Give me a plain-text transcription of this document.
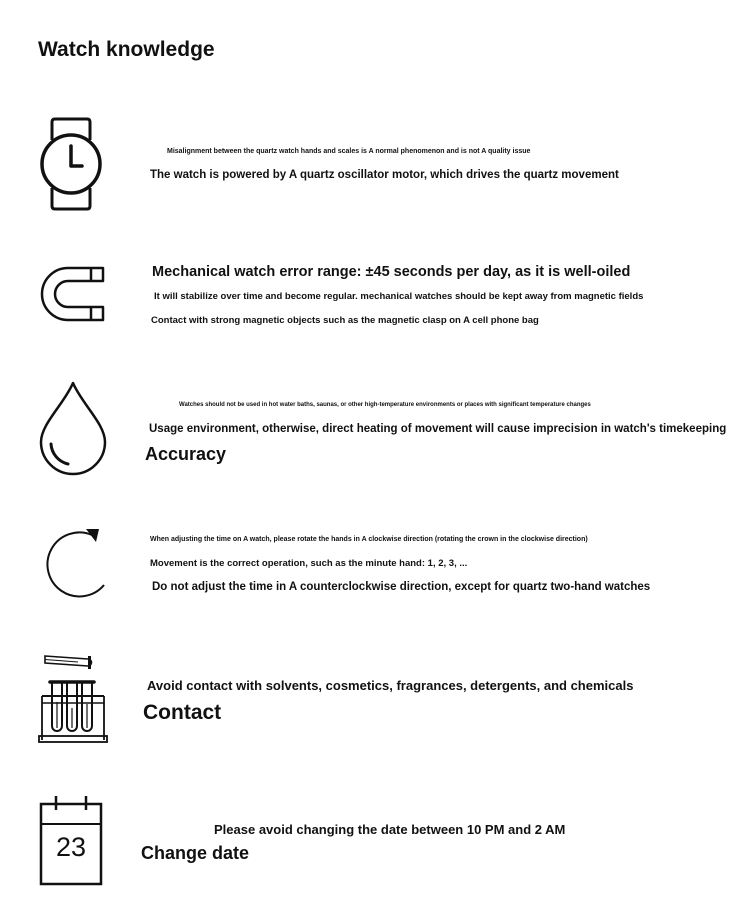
Watch knowledge
Misalignment between the quartz watch hands and scales is A normal phenomenon and is not A quality issue
The watch is powered by A quartz oscillator motor, which drives the quartz movement
Mechanical watch error range: ±45 seconds per day, as it is well-oiled
It will stabilize over time and become regular. mechanical watches should be kept away from magnetic fields
Contact with strong magnetic objects such as the magnetic clasp on A cell phone bag
Watches should not be used in hot water baths, saunas, or other high-temperature environments or places with significant temperature changes
Usage environment, otherwise, direct heating of movement will cause imprecision in watch's timekeeping
Accuracy
When adjusting the time on A watch, please rotate the hands in A clockwise direction (rotating the crown in the clockwise direction)
Movement is the correct operation, such as the minute hand: 1, 2, 3, ...
Do not adjust the time in A counterclockwise direction, except for quartz two-hand watches
Avoid contact with solvents, cosmetics, fragrances, detergents, and chemicals
Contact
23
Please avoid changing the date between 10 PM and 2 AM
Change date
